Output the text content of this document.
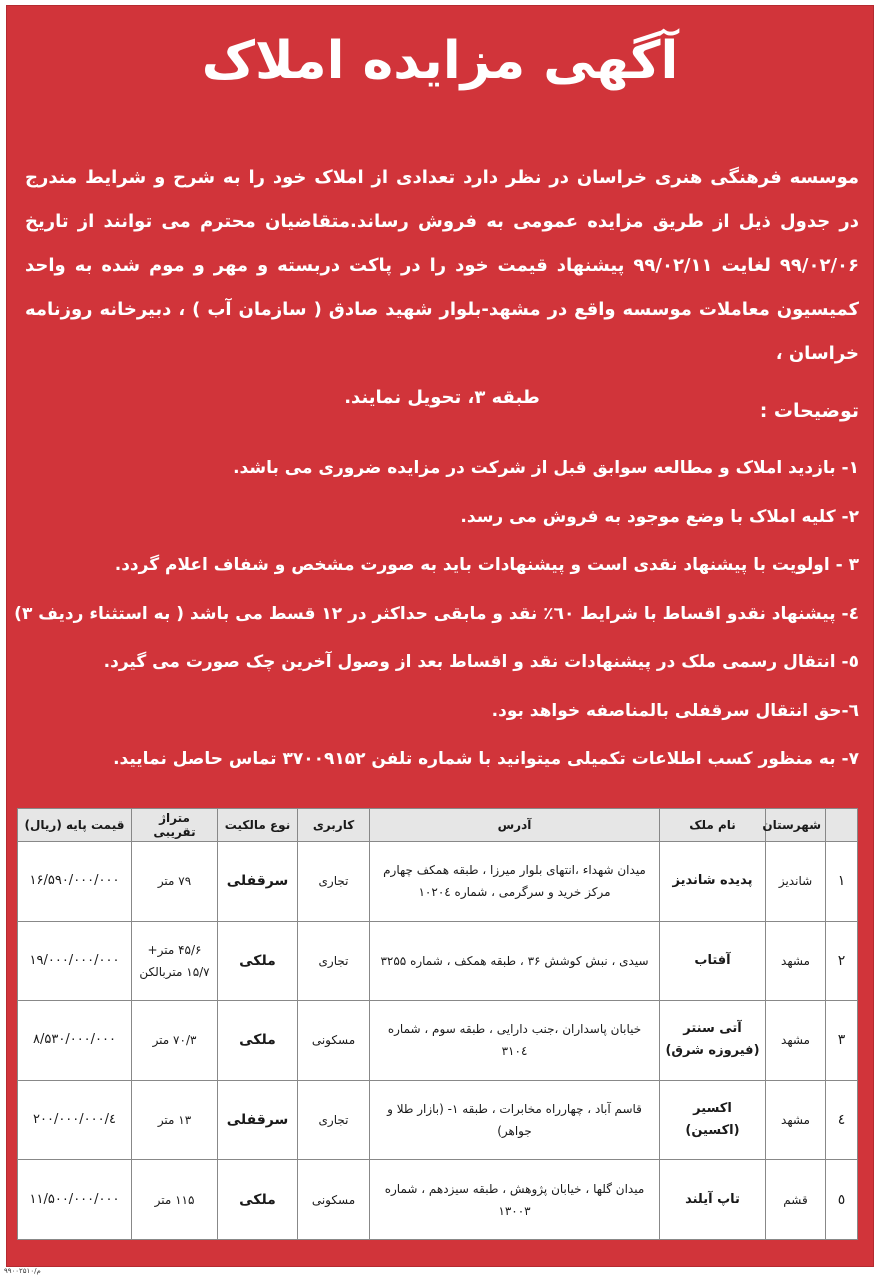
آگهی مزایده املاک
موسسه فرهنگی هنری خراسان در نظر دارد تعدادی از املاک خود را به شرح و شرایط مندرج در جدول ذیل از طریق مزایده عمومی به فروش رساند.متقاضیان محترم می توانند از تاریخ ۹۹/۰۲/۰۶ لغایت ۹۹/۰۲/۱۱ پیشنهاد قیمت خود را در پاکت دربسته و مهر و موم شده به واحد کمیسیون معاملات موسسه واقع در مشهد-بلوار شهید صادق ( سازمان آب ) ، دبیرخانه روزنامه خراسان ،
طبقه ۳، تحویل نمایند.
توضیحات :
۱- بازدید املاک و مطالعه سوابق قبل از شرکت در مزایده ضروری می باشد.
۲- کلیه املاک با وضع موجود به فروش می رسد.
۳ - اولویت با پیشنهاد نقدی است و پیشنهادات باید به صورت مشخص و شفاف اعلام گردد.
٤- پیشنهاد نقدو اقساط با شرایط ٦۰٪ نقد و مابقی حداکثر در ۱۲ قسط می باشد ( به استثناء ردیف ۳)
٥- انتقال رسمی ملک در پیشنهادات نقد و اقساط بعد از وصول آخرین چک صورت می گیرد.
٦-حق انتقال سرقفلی بالمناصفه خواهد بود.
۷- به منظور کسب اطلاعات تکمیلی میتوانید با شماره تلفن ۳۷۰۰۹۱۵۲ تماس حاصل نمایید.
	شهرستان	نام ملک	آدرس	کاربری	نوع مالکیت	متراژ تقریبی	قیمت پایه (ریال)
۱	شاندیز	پدیده شاندیز	میدان شهداء ،انتهای بلوار میرزا ، طبقه همکف چهارم مرکز خرید و سرگرمی ، شماره ۱۰۲۰٤	تجاری	سرقفلی	۷۹ متر	۱۶/۵۹۰/۰۰۰/۰۰۰
۲	مشهد	آفتاب	سیدی ، نبش کوشش ۳۶ ، طبقه همکف ، شماره ۳۲۵۵	تجاری	ملکی	۴۵/۶ متر+ ۱۵/۷ متربالکن	۱۹/۰۰۰/۰۰۰/۰۰۰
۳	مشهد	آتی سنتر (فیروزه شرق)	خیابان پاسداران ،جنب دارایی ، طبقه سوم ، شماره ۳۱۰٤	مسکونی	ملکی	۷۰/۳ متر	۸/۵۳۰/۰۰۰/۰۰۰
٤	مشهد	اکسیر (اکسین)	قاسم آباد ، چهارراه مخابرات ، طبقه ۱- (بازار طلا و جواهر)	تجاری	سرقفلی	۱۳ متر	٤/۲۰۰/۰۰۰/۰۰۰
٥	قشم	تاپ آیلند	میدان گلها ، خیابان پژوهش ، طبقه سیزدهم ، شماره ۱۳۰۰۳	مسکونی	ملکی	۱۱۵ متر	۱۱/۵۰۰/۰۰۰/۰۰۰
۹۹۰۰۲۵۱۰/م
